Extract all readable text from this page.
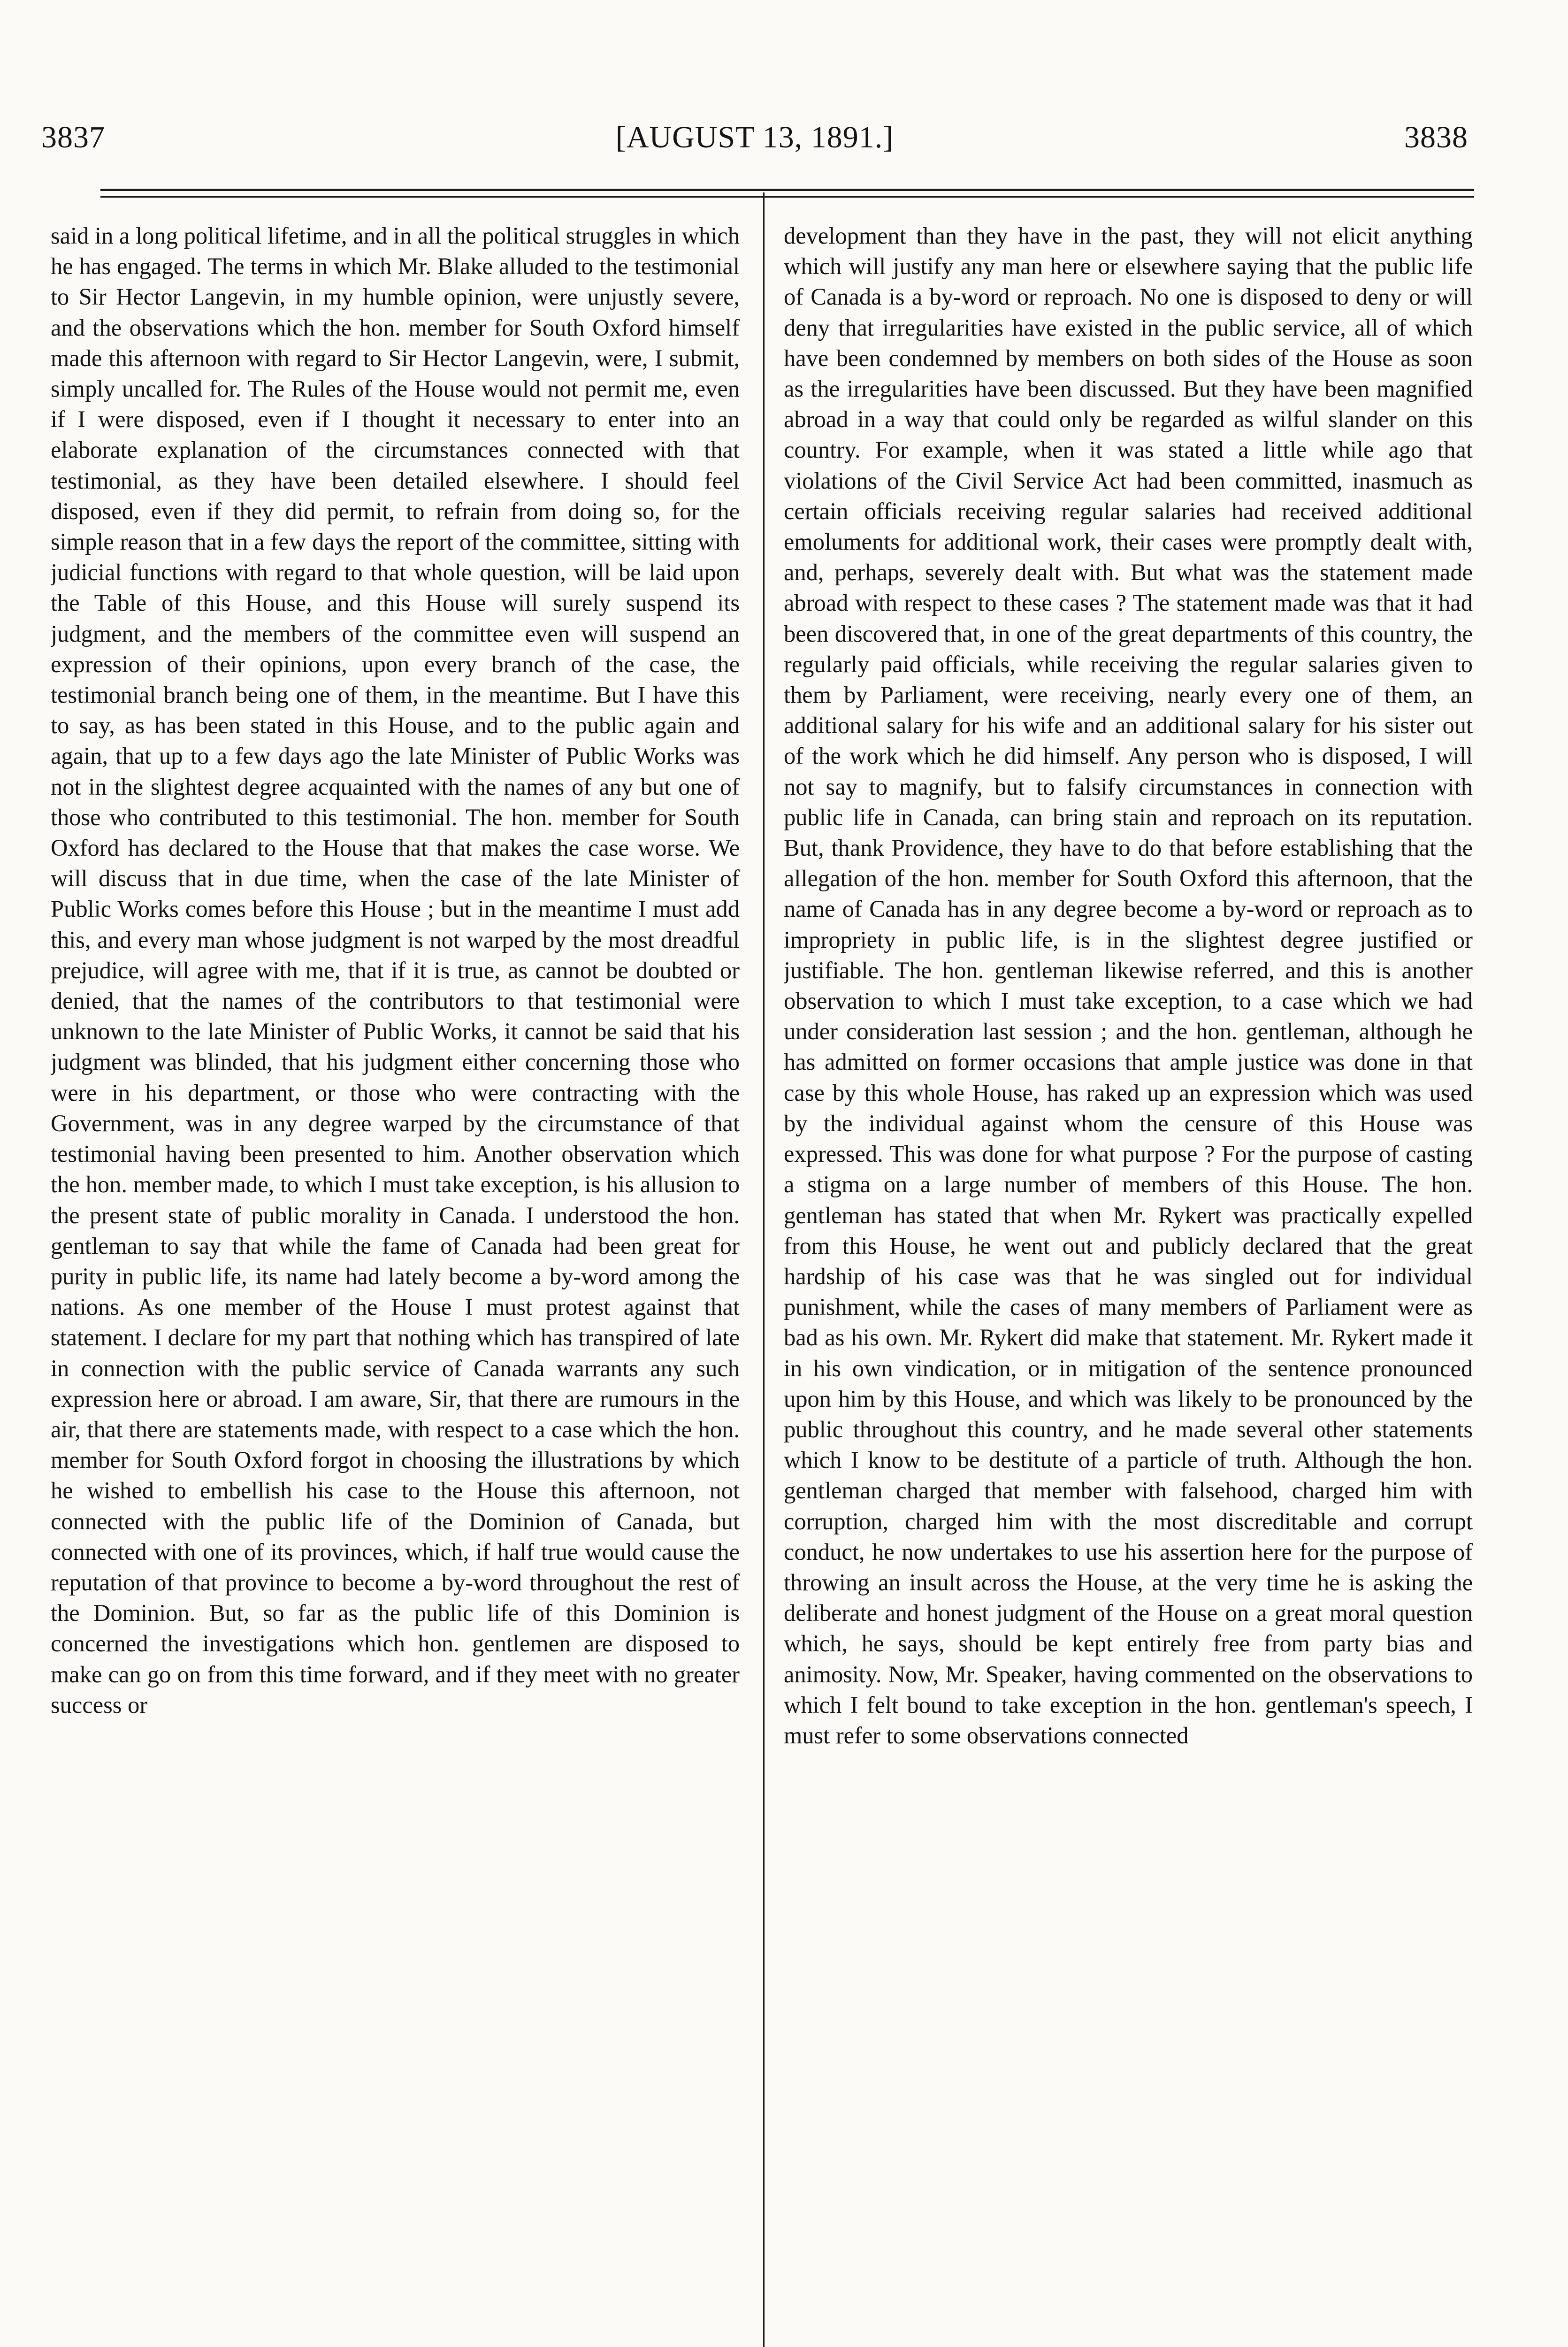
3837	[AUGUST 13, 1891.]	3838

said in a long political lifetime, and in all the political struggles in which he has engaged. The terms in which Mr. Blake alluded to the testimonial to Sir Hector Langevin, in my humble opinion, were unjustly severe, and the observations which the hon. member for South Oxford himself made this afternoon with regard to Sir Hector Langevin, were, I submit, simply uncalled for. The Rules of the House would not permit me, even if I were disposed, even if I thought it necessary to enter into an elaborate explanation of the circumstances connected with that testimonial, as they have been detailed elsewhere. I should feel disposed, even if they did permit, to refrain from doing so, for the simple reason that in a few days the report of the committee, sitting with judicial functions with regard to that whole question, will be laid upon the Table of this House, and this House will surely suspend its judgment, and the members of the committee even will suspend an expression of their opinions, upon every branch of the case, the testimonial branch being one of them, in the meantime. But I have this to say, as has been stated in this House, and to the public again and again, that up to a few days ago the late Minister of Public Works was not in the slightest degree acquainted with the names of any but one of those who contributed to this testimonial. The hon. member for South Oxford has declared to the House that that makes the case worse. We will discuss that in due time, when the case of the late Minister of Public Works comes before this House ; but in the meantime I must add this, and every man whose judgment is not warped by the most dreadful prejudice, will agree with me, that if it is true, as cannot be doubted or denied, that the names of the contributors to that testimonial were unknown to the late Minister of Public Works, it cannot be said that his judgment was blinded, that his judgment either concerning those who were in his department, or those who were contracting with the Government, was in any degree warped by the circumstance of that testimonial having been presented to him. Another observation which the hon. member made, to which I must take exception, is his allusion to the present state of public morality in Canada. I understood the hon. gentleman to say that while the fame of Canada had been great for purity in public life, its name had lately become a by-word among the nations. As one member of the House I must protest against that statement. I declare for my part that nothing which has transpired of late in connection with the public service of Canada warrants any such expression here or abroad. I am aware, Sir, that there are rumours in the air, that there are statements made, with respect to a case which the hon. member for South Oxford forgot in choosing the illustrations by which he wished to embellish his case to the House this afternoon, not connected with the public life of the Dominion of Canada, but connected with one of its provinces, which, if half true would cause the reputation of that province to become a by-word throughout the rest of the Dominion. But, so far as the public life of this Dominion is concerned the investigations which hon. gentlemen are disposed to make can go on from this time forward, and if they meet with no greater success or

development than they have in the past, they will not elicit anything which will justify any man here or elsewhere saying that the public life of Canada is a by-word or reproach. No one is disposed to deny or will deny that irregularities have existed in the public service, all of which have been condemned by members on both sides of the House as soon as the irregularities have been discussed. But they have been magnified abroad in a way that could only be regarded as wilful slander on this country. For example, when it was stated a little while ago that violations of the Civil Service Act had been committed, inasmuch as certain officials receiving regular salaries had received additional emoluments for additional work, their cases were promptly dealt with, and, perhaps, severely dealt with. But what was the statement made abroad with respect to these cases ? The statement made was that it had been discovered that, in one of the great departments of this country, the regularly paid officials, while receiving the regular salaries given to them by Parliament, were receiving, nearly every one of them, an additional salary for his wife and an additional salary for his sister out of the work which he did himself. Any person who is disposed, I will not say to magnify, but to falsify circumstances in connection with public life in Canada, can bring stain and reproach on its reputation. But, thank Providence, they have to do that before establishing that the allegation of the hon. member for South Oxford this afternoon, that the name of Canada has in any degree become a by-word or reproach as to impropriety in public life, is in the slightest degree justified or justifiable. The hon. gentleman likewise referred, and this is another observation to which I must take exception, to a case which we had under consideration last session ; and the hon. gentleman, although he has admitted on former occasions that ample justice was done in that case by this whole House, has raked up an expression which was used by the individual against whom the censure of this House was expressed. This was done for what purpose ? For the purpose of casting a stigma on a large number of members of this House. The hon. gentleman has stated that when Mr. Rykert was practically expelled from this House, he went out and publicly declared that the great hardship of his case was that he was singled out for individual punishment, while the cases of many members of Parliament were as bad as his own. Mr. Rykert did make that statement. Mr. Rykert made it in his own vindication, or in mitigation of the sentence pronounced upon him by this House, and which was likely to be pronounced by the public throughout this country, and he made several other statements which I know to be destitute of a particle of truth. Although the hon. gentleman charged that member with falsehood, charged him with corruption, charged him with the most discreditable and corrupt conduct, he now undertakes to use his assertion here for the purpose of throwing an insult across the House, at the very time he is asking the deliberate and honest judgment of the House on a great moral question which, he says, should be kept entirely free from party bias and animosity. Now, Mr. Speaker, having commented on the observations to which I felt bound to take exception in the hon. gentleman's speech, I must refer to some observations connected
